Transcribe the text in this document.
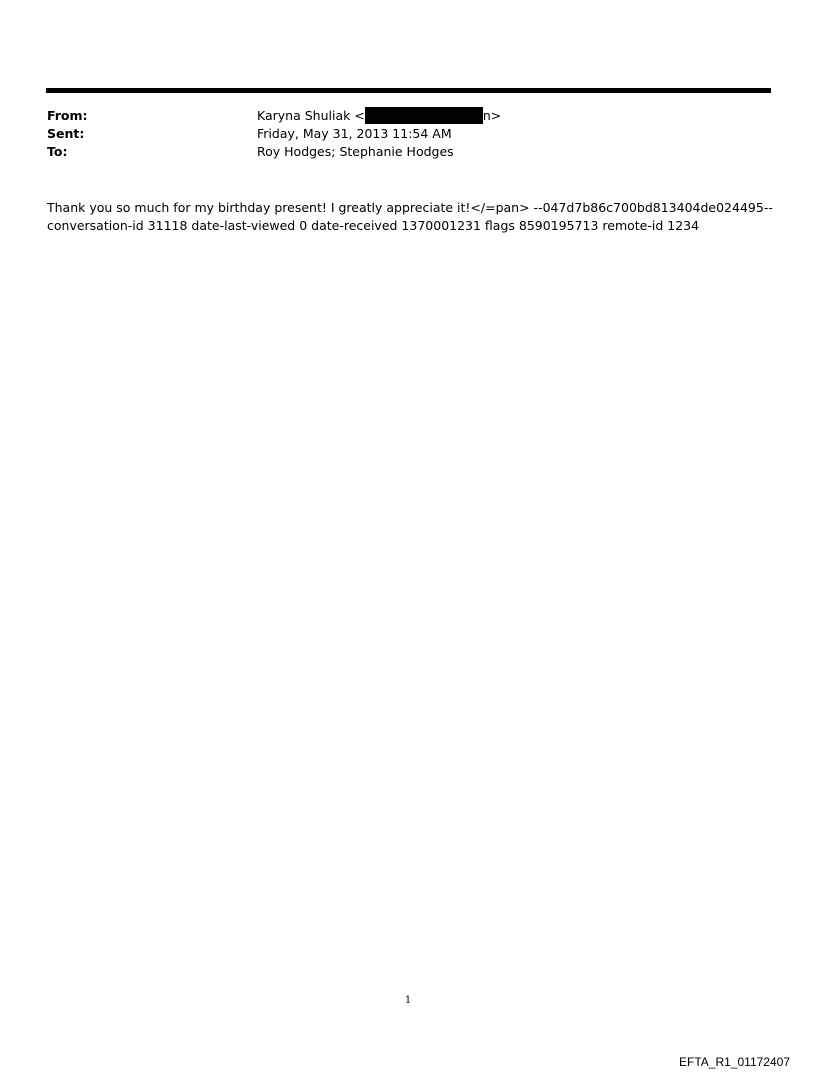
From:	Karyna Shuliak <	n>
Sent:	Friday, May 31, 2013 11:54 AM
To:	Roy Hodges; Stephanie Hodges
Thank you so much for my birthday present! I greatly appreciate it!</=pan> --047d7b86c700bd813404de024495--
conversation-id 31118 date-last-viewed 0 date-received 1370001231 flags 8590195713 remote-id 1234
1
EFTA_R1_01172407
